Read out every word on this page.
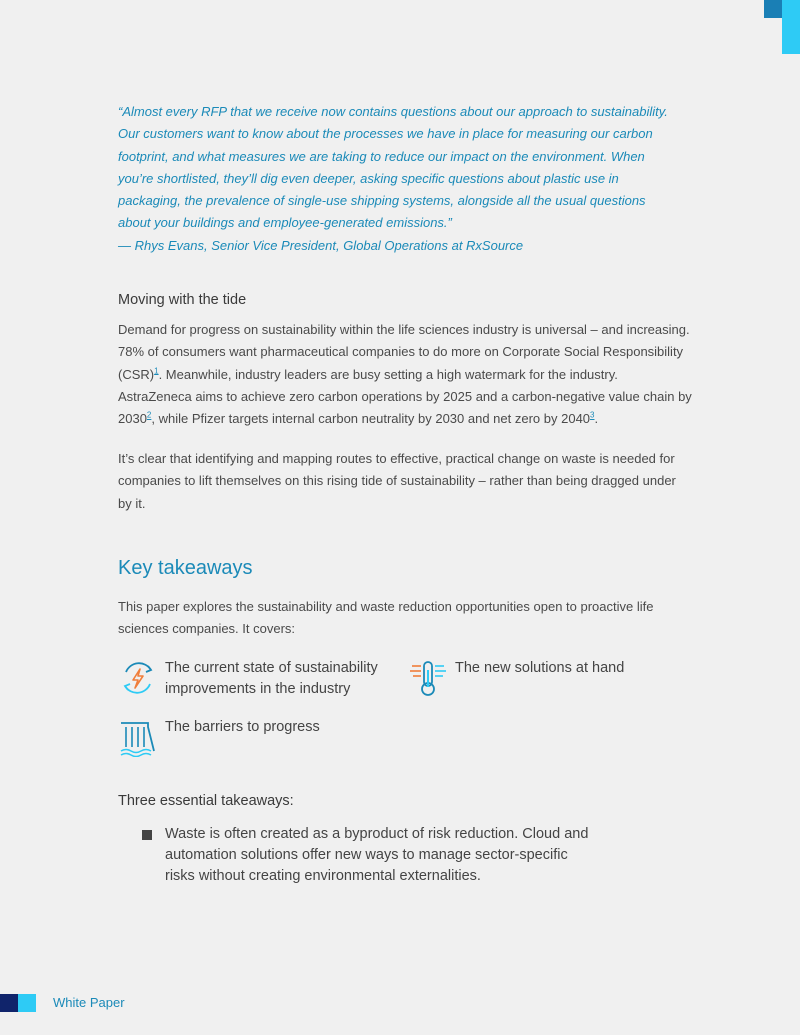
“Almost every RFP that we receive now contains questions about our approach to sustainability. Our customers want to know about the processes we have in place for measuring our carbon footprint, and what measures we are taking to reduce our impact on the environment. When you’re shortlisted, they’ll dig even deeper, asking specific questions about plastic use in packaging, the prevalence of single-use shipping systems, alongside all the usual questions about your buildings and employee-generated emissions.”

— Rhys Evans, Senior Vice President, Global Operations at RxSource

Moving with the tide

Demand for progress on sustainability within the life sciences industry is universal – and increasing. 78% of consumers want pharmaceutical companies to do more on Corporate Social Responsibility (CSR)$^1$. Meanwhile, industry leaders are busy setting a high watermark for the industry. AstraZeneca aims to achieve zero carbon operations by 2025 and a carbon-negative value chain by 2030$^2$, while Pfizer targets internal carbon neutrality by 2030 and net zero by 2040$^3$.

It’s clear that identifying and mapping routes to effective, practical change on waste is needed for companies to lift themselves on this rising tide of sustainability – rather than being dragged under by it.

Key takeaways

This paper explores the sustainability and waste reduction opportunities open to proactive life sciences companies. It covers:

The current state of sustainability improvements in the industry
The new solutions at hand
The barriers to progress
Three essential takeaways:
Waste is often created as a byproduct of risk reduction. Cloud and automation solutions offer new ways to manage sector-specific risks without creating environmental externalities.
White Paper
